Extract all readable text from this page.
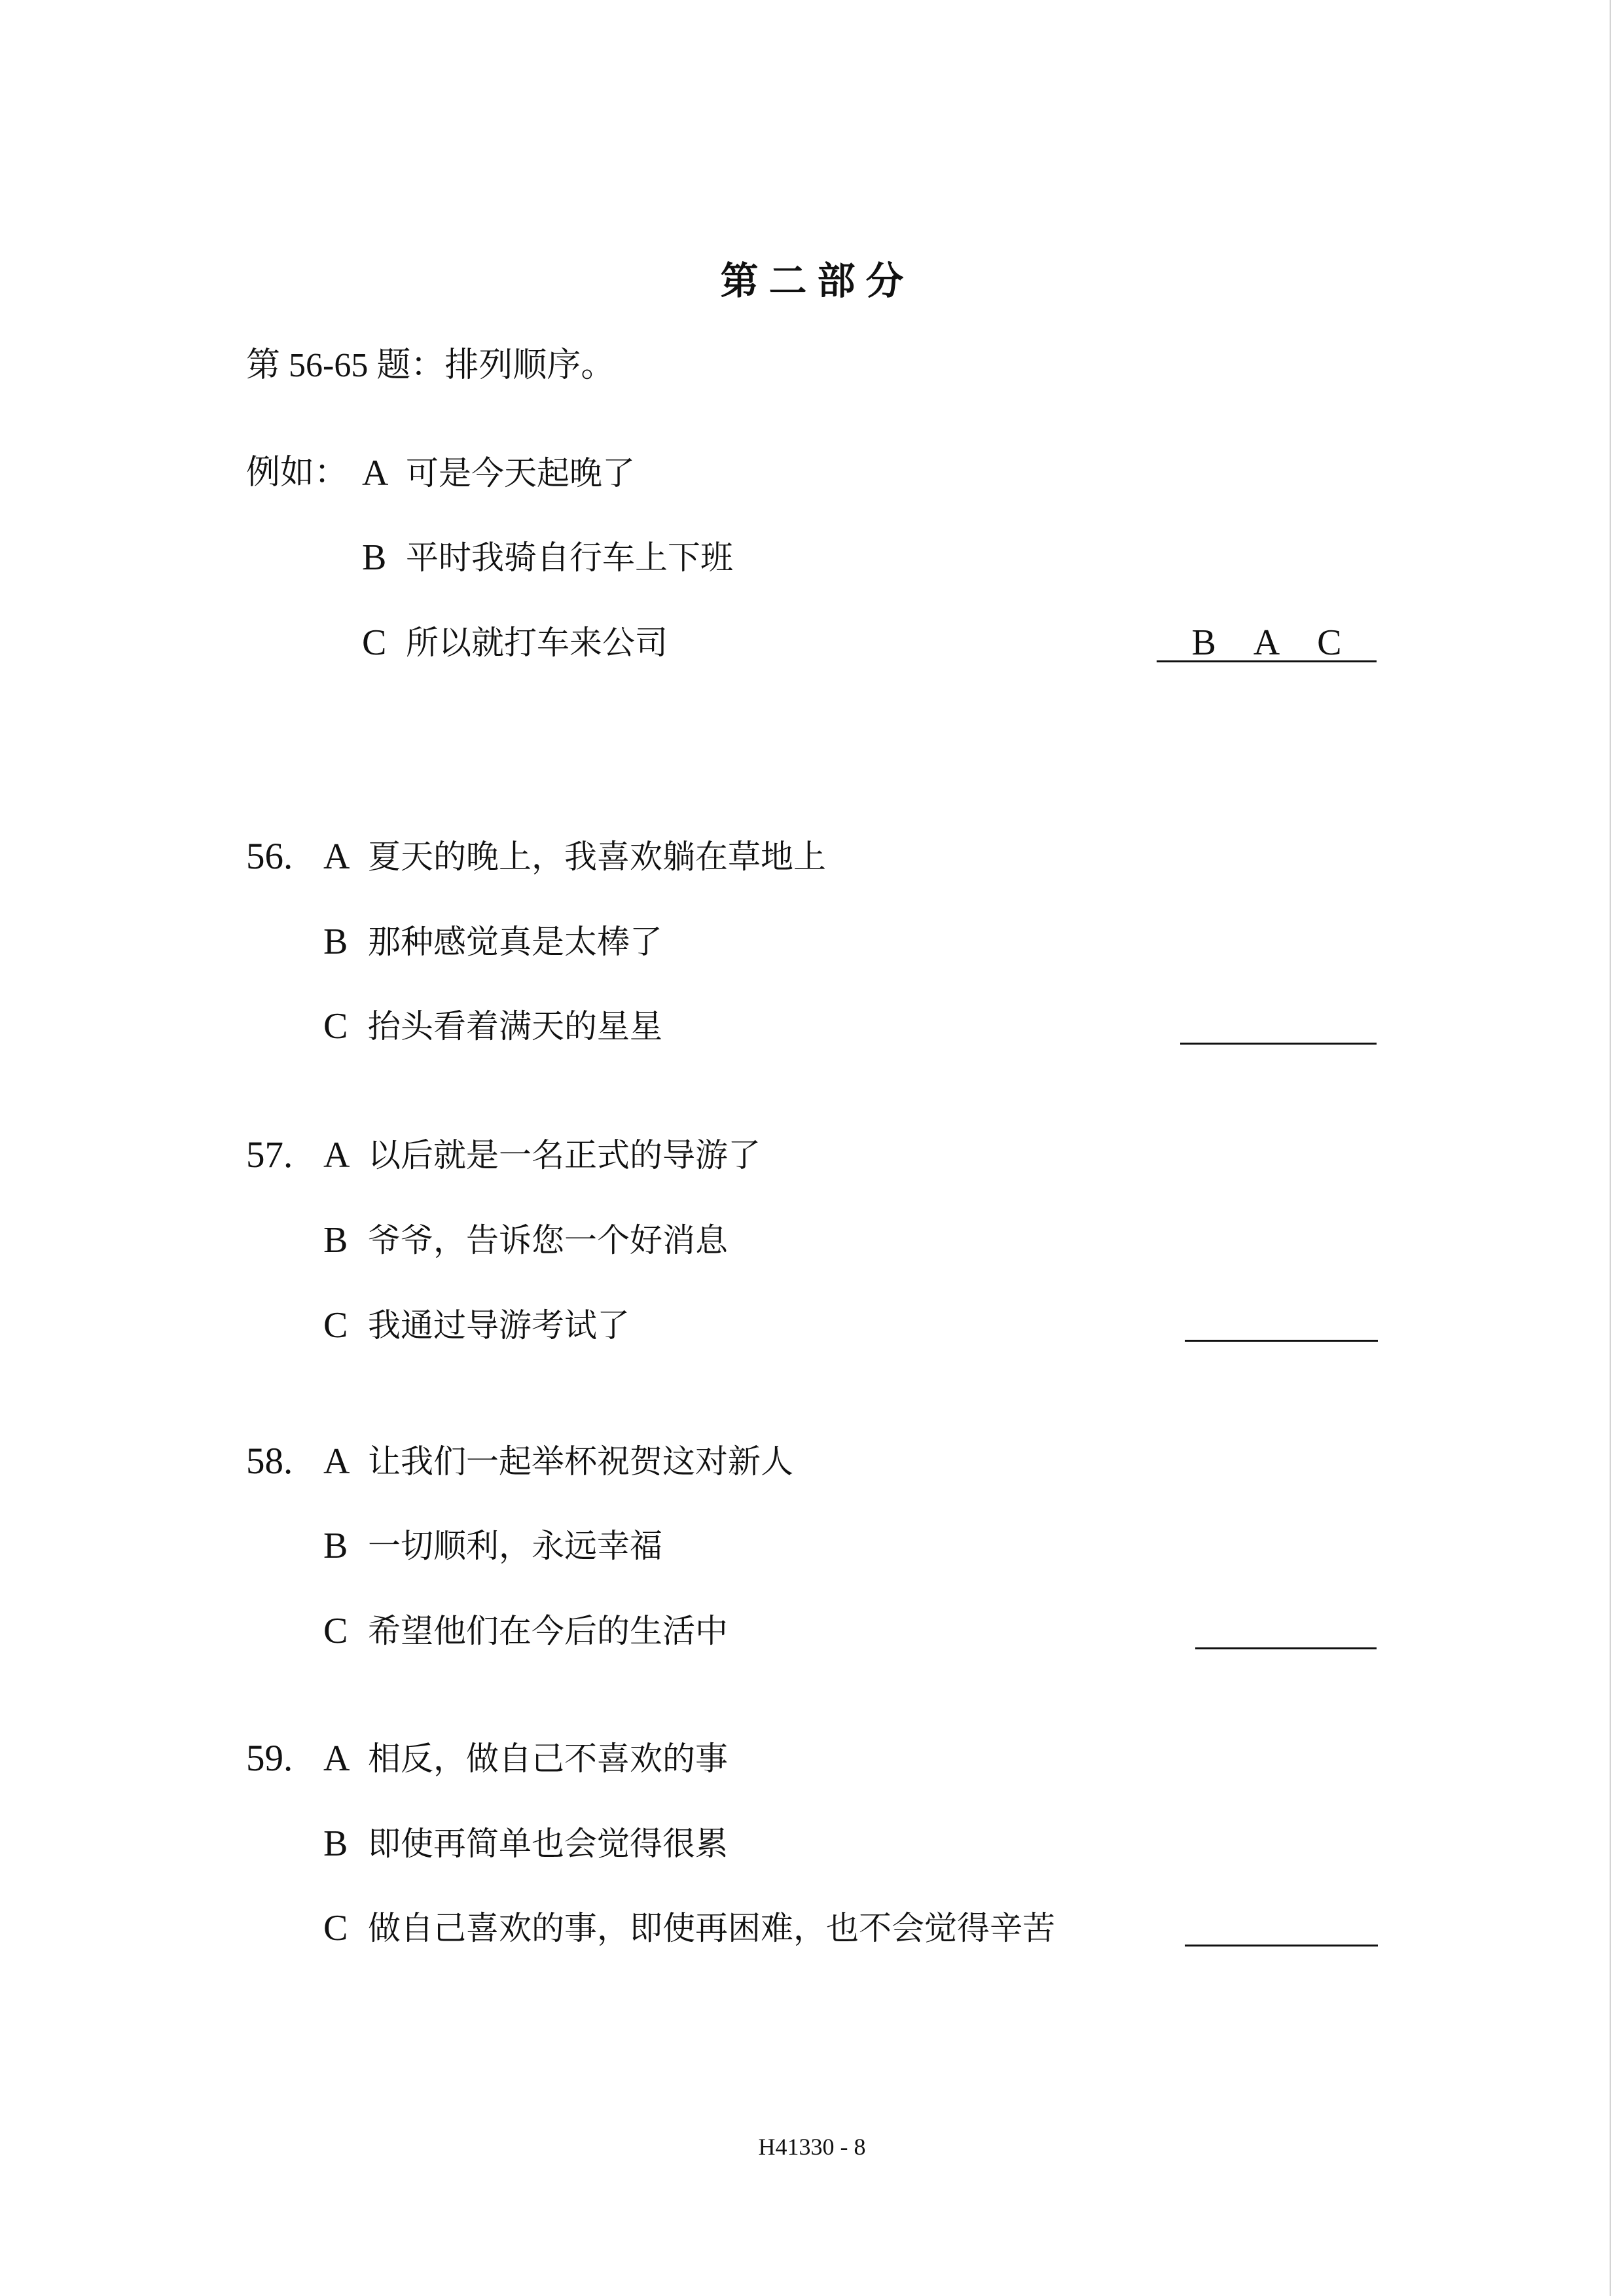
第二部分
第 56-65 题：排列顺序。
例如： A 可是今天起晚了
B 平时我骑自行车上下班
C 所以就打车来公司	B A C
56. A 夏天的晚上，我喜欢躺在草地上
B 那种感觉真是太棒了
C 抬头看着满天的星星
57. A 以后就是一名正式的导游了
B 爷爷，告诉您一个好消息
C 我通过导游考试了
58. A 让我们一起举杯祝贺这对新人
B 一切顺利，永远幸福
C 希望他们在今后的生活中
59. A 相反，做自己不喜欢的事
B 即使再简单也会觉得很累
C 做自己喜欢的事，即使再困难，也不会觉得辛苦
H41330 - 8
